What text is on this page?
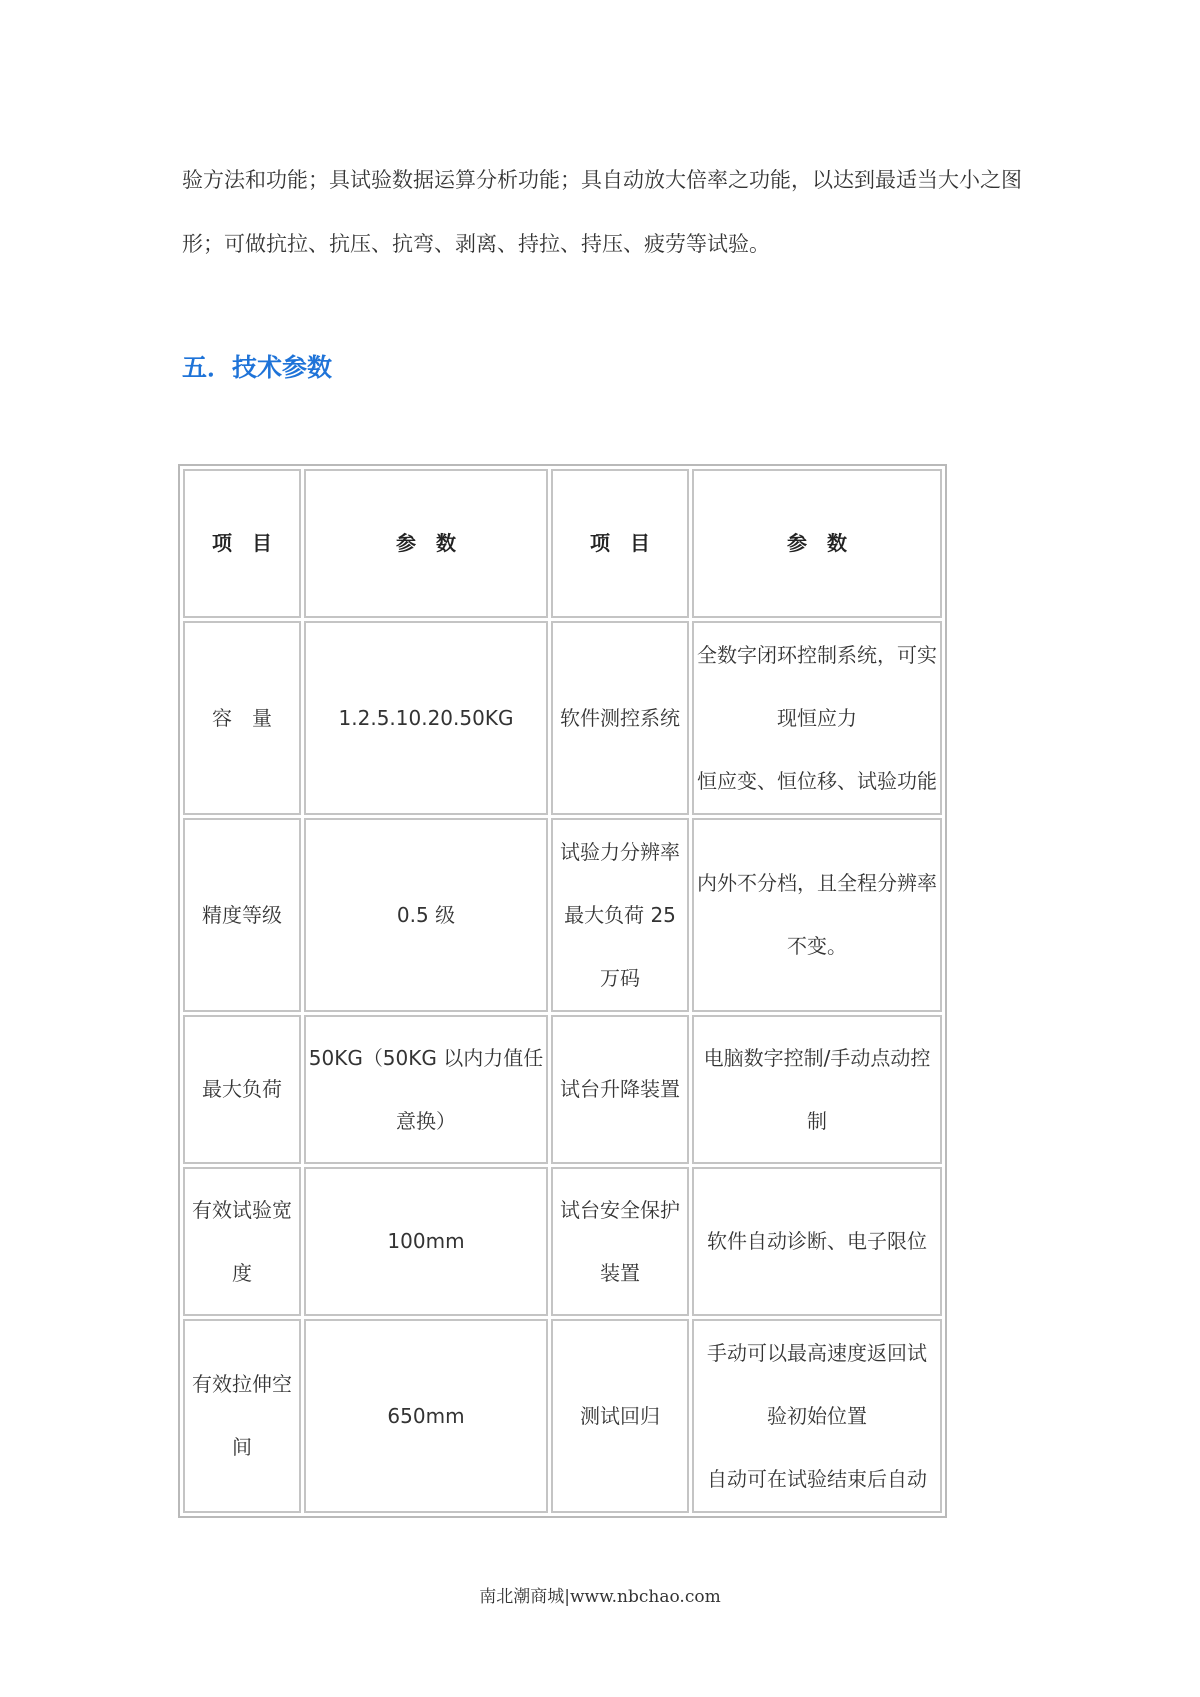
验方法和功能；具试验数据运算分析功能；具自动放大倍率之功能，以达到最适当大小之图
形；可做抗拉、抗压、抗弯、剥离、持拉、持压、疲劳等试验。
五．技术参数
项　目	参　数	项　目	参　数
容　量	1.2.5.10.20.50KG	软件测控系统	全数字闭环控制系统，可实
现恒应力
恒应变、恒位移、试验功能

精度等级	0.5 级	试验力分辨率
最大负荷 25
万码	内外不分档，且全程分辨率
不变。

最大负荷	50KG（50KG 以内力值任
意换）	试台升降装置	电脑数字控制/手动点动控
制

有效试验宽
度	100mm	试台安全保护
装置	软件自动诊断、电子限位

有效拉伸空
间	650mm	测试回归	手动可以最高速度返回试
验初始位置
自动可在试验结束后自动
南北潮商城|www.nbchao.com
